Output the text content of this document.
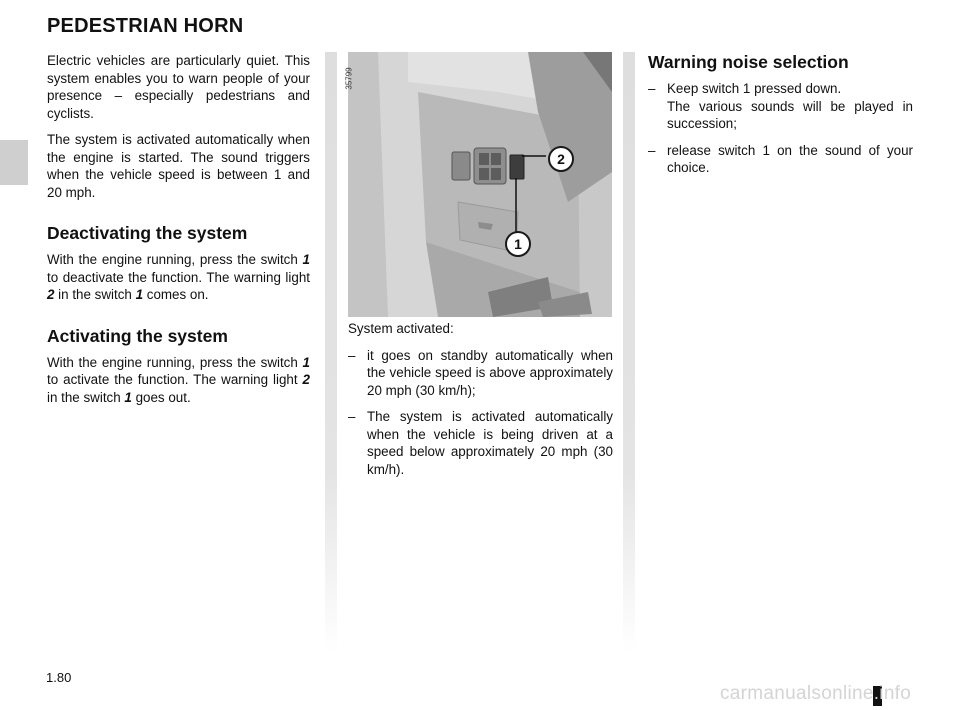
PEDESTRIAN HORN

Electric vehicles are particularly quiet. This system enables you to warn people of your presence – especially pedestrians and cyclists.

The system is activated automatically when the engine is started. The sound triggers when the vehicle speed is between 1 and 20 mph.

Deactivating the system

With the engine running, press the switch 1 to deactivate the function. The warning light 2 in the switch 1 comes on.

Activating the system

With the engine running, press the switch 1 to activate the function. The warning light 2 in the switch 1 goes out.

35799
2
1

System activated:

– it goes on standby automatically when the vehicle speed is above approximately 20 mph (30 km/h);
– The system is activated automatically when the vehicle is being driven at a speed below approximately 20 mph (30 km/h).
Warning noise selection
– Keep switch 1 pressed down.
The various sounds will be played in succession;
– release switch 1 on the sound of your choice.
1.80
carmanualsonline.info
